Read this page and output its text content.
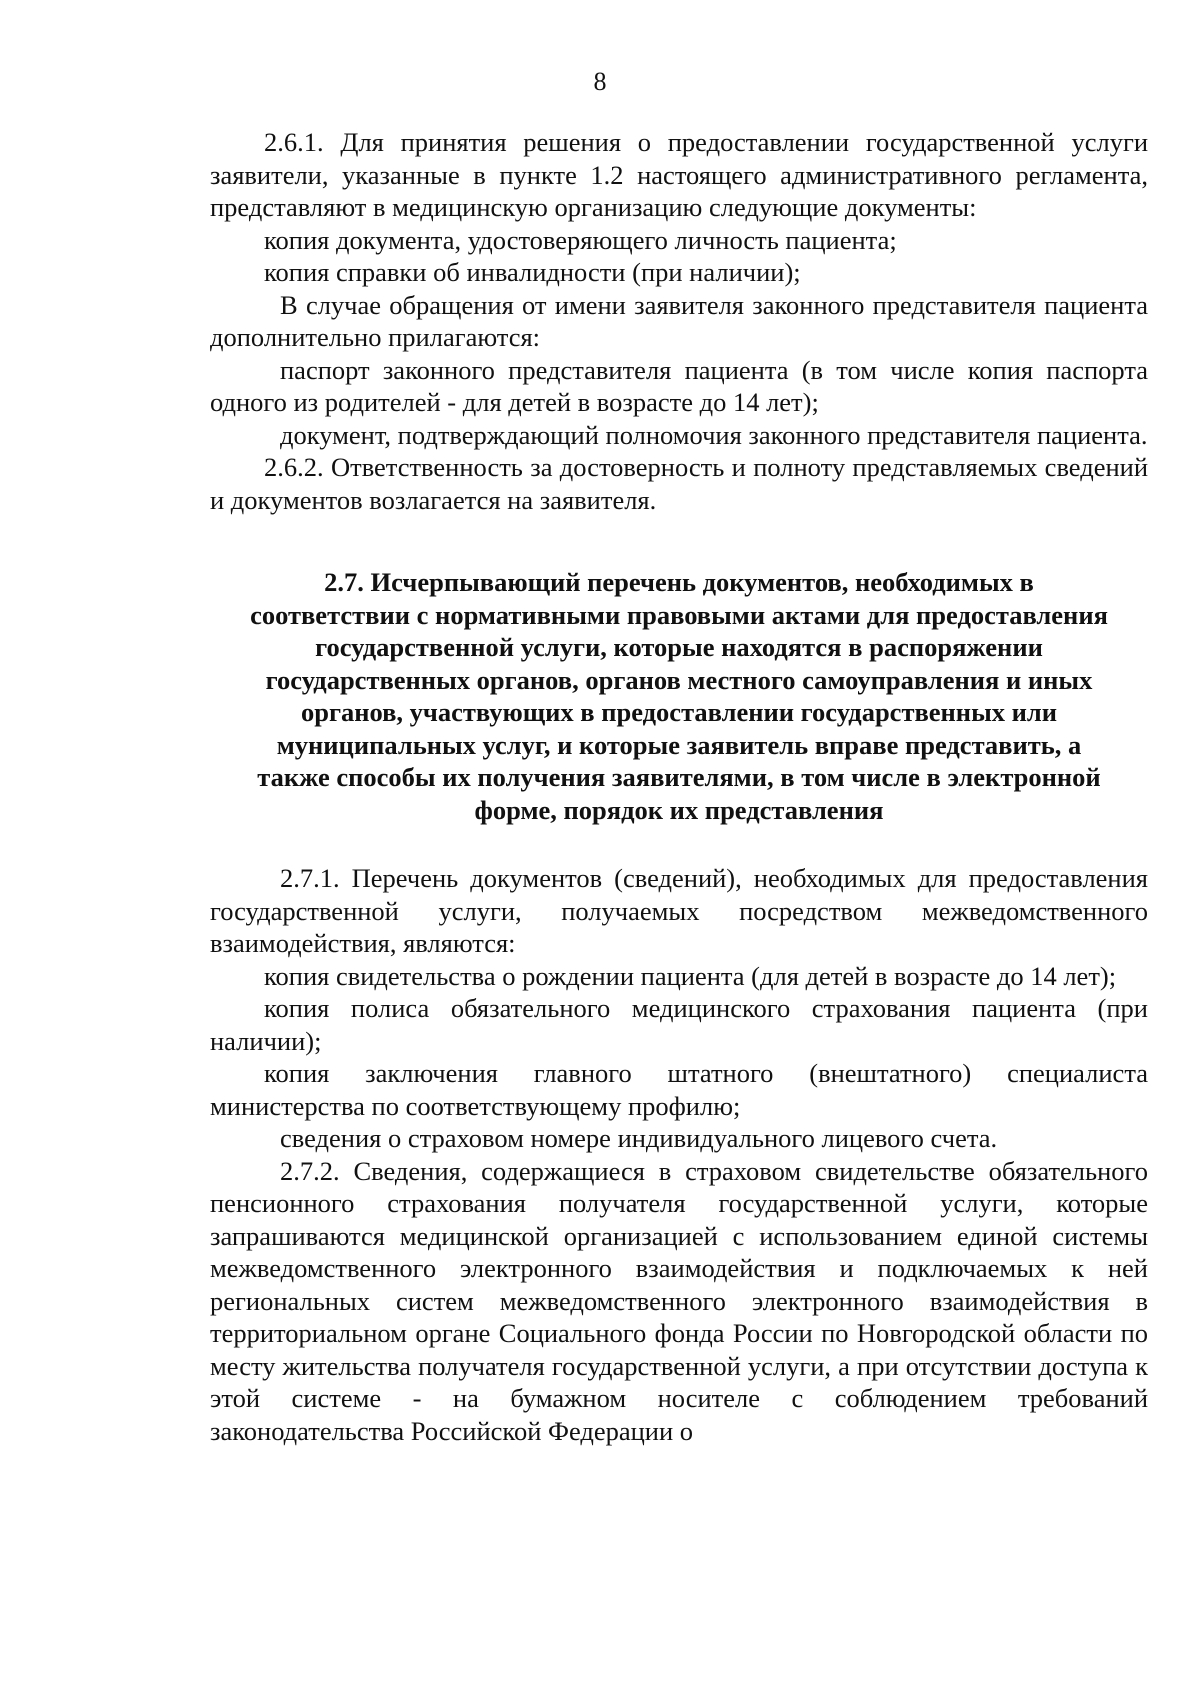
8

2.6.1. Для принятия решения о предоставлении государственной услуги заявители, указанные в пункте 1.2 настоящего административного регламента, представляют в медицинскую организацию следующие документы:

копия документа, удостоверяющего личность пациента;

копия справки об инвалидности (при наличии);

В случае обращения от имени заявителя законного представителя пациента дополнительно прилагаются:

паспорт законного представителя пациента (в том числе копия паспорта одного из родителей - для детей в возрасте до 14 лет);

документ, подтверждающий полномочия законного представителя пациента.

2.6.2. Ответственность за достоверность и полноту представляемых сведений и документов возлагается на заявителя.

2.7. Исчерпывающий перечень документов, необходимых в соответствии с нормативными правовыми актами для предоставления государственной услуги, которые находятся в распоряжении государственных органов, органов местного самоуправления и иных органов, участвующих в предоставлении государственных или муниципальных услуг, и которые заявитель вправе представить, а также способы их получения заявителями, в том числе в электронной форме, порядок их представления

2.7.1. Перечень документов (сведений), необходимых для предоставления государственной услуги, получаемых посредством межведомственного взаимодействия, являются:

копия свидетельства о рождении пациента (для детей в возрасте до 14 лет);

копия полиса обязательного медицинского страхования пациента (при наличии);

копия заключения главного штатного (внештатного) специалиста министерства по соответствующему профилю;

сведения о страховом номере индивидуального лицевого счета.

2.7.2. Сведения, содержащиеся в страховом свидетельстве обязательного пенсионного страхования получателя государственной услуги, которые запрашиваются медицинской организацией с использованием единой системы межведомственного электронного взаимодействия и подключаемых к ней региональных систем межведомственного электронного взаимодействия в территориальном органе Социального фонда России по Новгородской области по месту жительства получателя государственной услуги, а при отсутствии доступа к этой системе - на бумажном носителе с соблюдением требований законодательства Российской Федерации о
